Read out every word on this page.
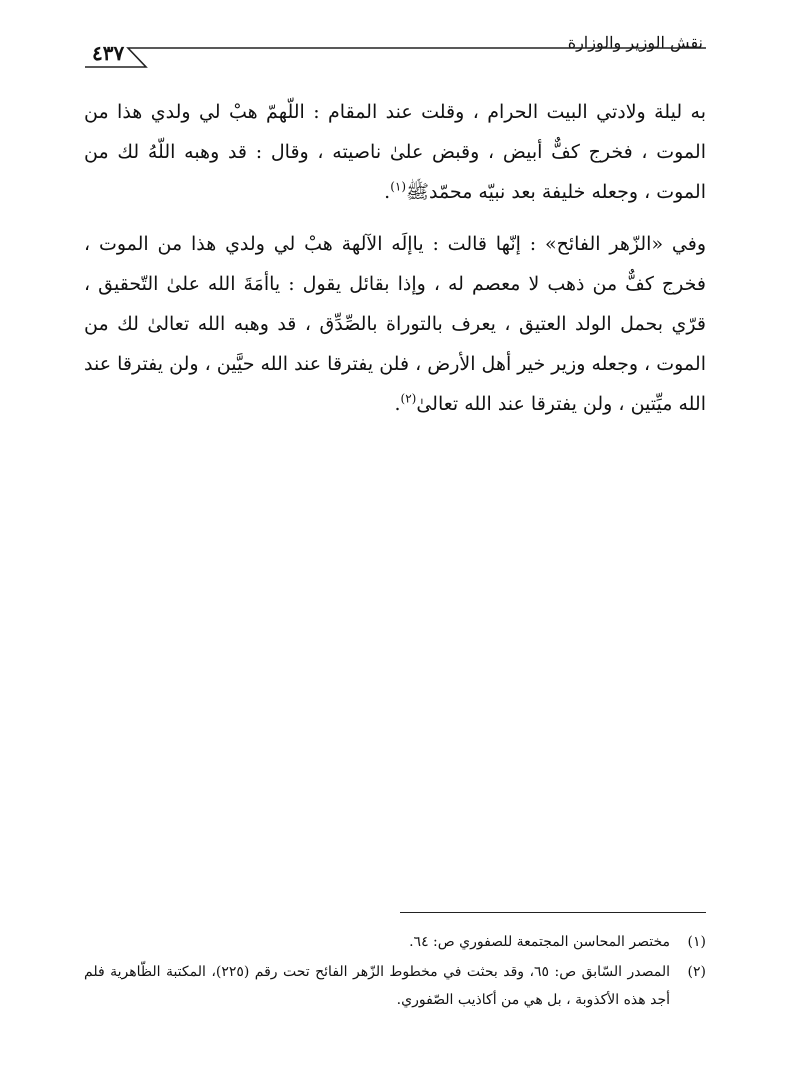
نقش الوزير والوزارة
٤٣٧

به ليلة ولادتي البيت الحرام ، وقلت عند المقام : اللّهمّ هبْ لي ولدي هذا من الموت ، فخرج كفٌّ أبيض ، وقبض علىٰ ناصيته ، وقال : قد وهبه اللّهُ لك من الموت ، وجعله خليفة بعد نبيّه محمّدﷺ$^{(١)}$.

وفي «الزّهر الفائح» : إنّها قالت : ياإلَه الآلهة هبْ لي ولدي هذا من الموت ، فخرج كفٌّ من ذهب لا معصم له ، وإذا بقائل يقول : ياأمَةَ الله علىٰ التّحقيق ، قرّي بحمل الولد العتيق ، يعرف بالتوراة بالصِّدِّق ، قد وهبه الله تعالىٰ لك من الموت ، وجعله وزير خير أهل الأرض ، فلن يفترقا عند الله حيَّين ، ولن يفترقا عند الله ميِّتين ، ولن يفترقا عند الله تعالىٰ$^{(٢)}$.

(١)
مختصر المحاسن المجتمعة للصفوري ص: ٦٤.
(٢)
المصدر السّابق ص: ٦٥، وقد بحثت في مخطوط الزّهر الفائح تحت رقم (٢٢٥)، المكتبة الظّاهرية فلم أجد هذه الأكذوبة ، بل هي من أكاذيب الصّفوري.
